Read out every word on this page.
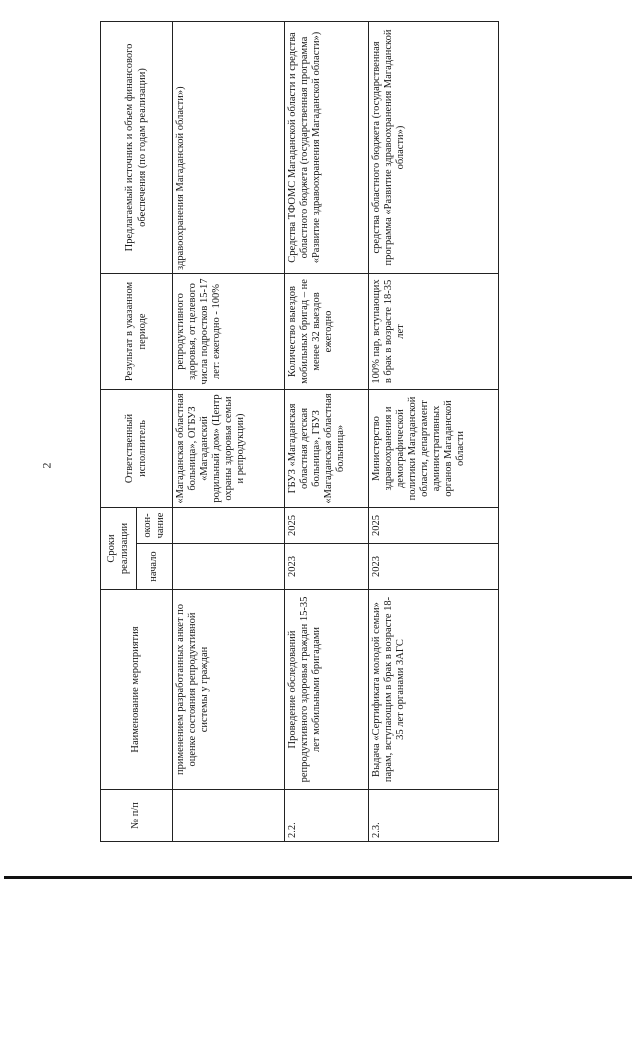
2
№ п/п	Наименование мероприятия	Сроки реализации		Ответственный исполнитель	Результат в указанном периоде	Предлагаемый источник и объем финансового обеспечения (по годам реализации)
		начало	окон-чание			
	применением разработанных анкет по оценке состояния репродуктивной системы у граждан			«Магаданская областная больница», ОГБУЗ «Магаданский родильный дом» (Центр охраны здоровья семьи и репродукции)	репродуктивного здоровья, от целевого числа подростков 15-17 лет: ежегодно - 100%	здравоохранения Магаданской области»)
2.2.	Проведение обследований репродуктивного здоровья граждан 15-35 лет мобильными бригадами	2023	2025	ГБУЗ «Магаданская областная детская больница», ГБУЗ «Магаданская областная больница»	Количество выездов мобильных бригад – не менее 32 выездов ежегодно	Средства ТФОМС Магаданской области и средства областного бюджета (государственная программа «Развитие здравоохранения Магаданской области»)
2.3.	Выдача «Сертификата молодой семьи» парам, вступающим в брак в возрасте 18-35 лет органами ЗАГС	2023	2025	Министерство здравоохранения и демографической политики Магаданской области, департамент административных органов Магаданской области	100% пар, вступающих в брак в возрасте 18-35 лет	средства областного бюджета (государственная программа «Развитие здравоохранения Магаданской области»)
